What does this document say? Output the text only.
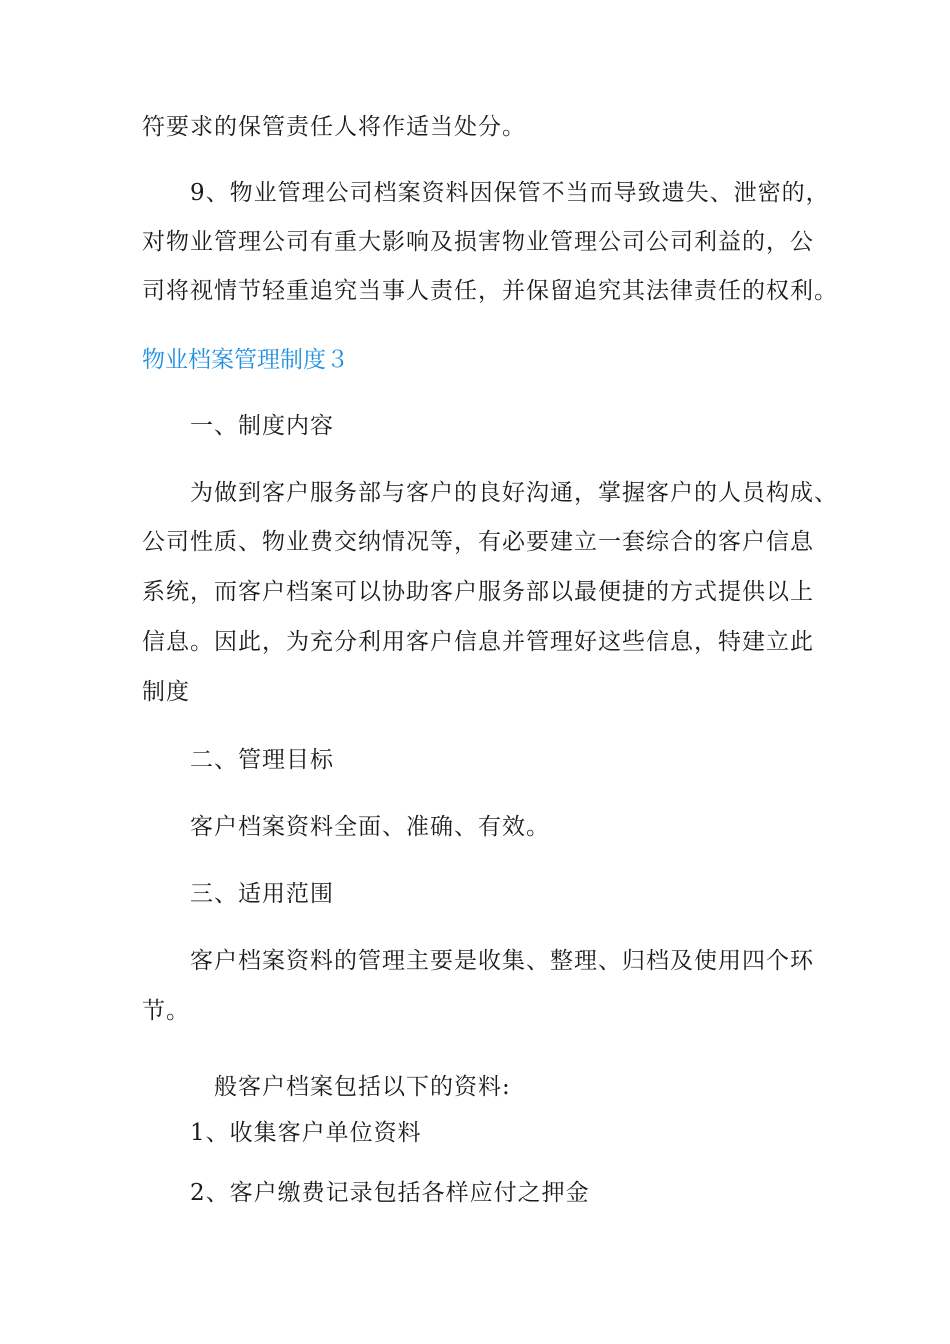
符要求的保管责任人将作适当处分。
9、物业管理公司档案资料因保管不当而导致遗失、泄密的，
对物业管理公司有重大影响及损害物业管理公司公司利益的，公
司将视情节轻重追究当事人责任，并保留追究其法律责任的权利。
物业档案管理制度３
一、制度内容
为做到客户服务部与客户的良好沟通，掌握客户的人员构成、
公司性质、物业费交纳情况等，有必要建立一套综合的客户信息
系统，而客户档案可以协助客户服务部以最便捷的方式提供以上
信息。因此，为充分利用客户信息并管理好这些信息，特建立此
制度
二、管理目标
客户档案资料全面、准确、有效。
三、适用范围
客户档案资料的管理主要是收集、整理、归档及使用四个环
节。
般客户档案包括以下的资料:
1、收集客户单位资料
2、客户缴费记录包括各样应付之押金
